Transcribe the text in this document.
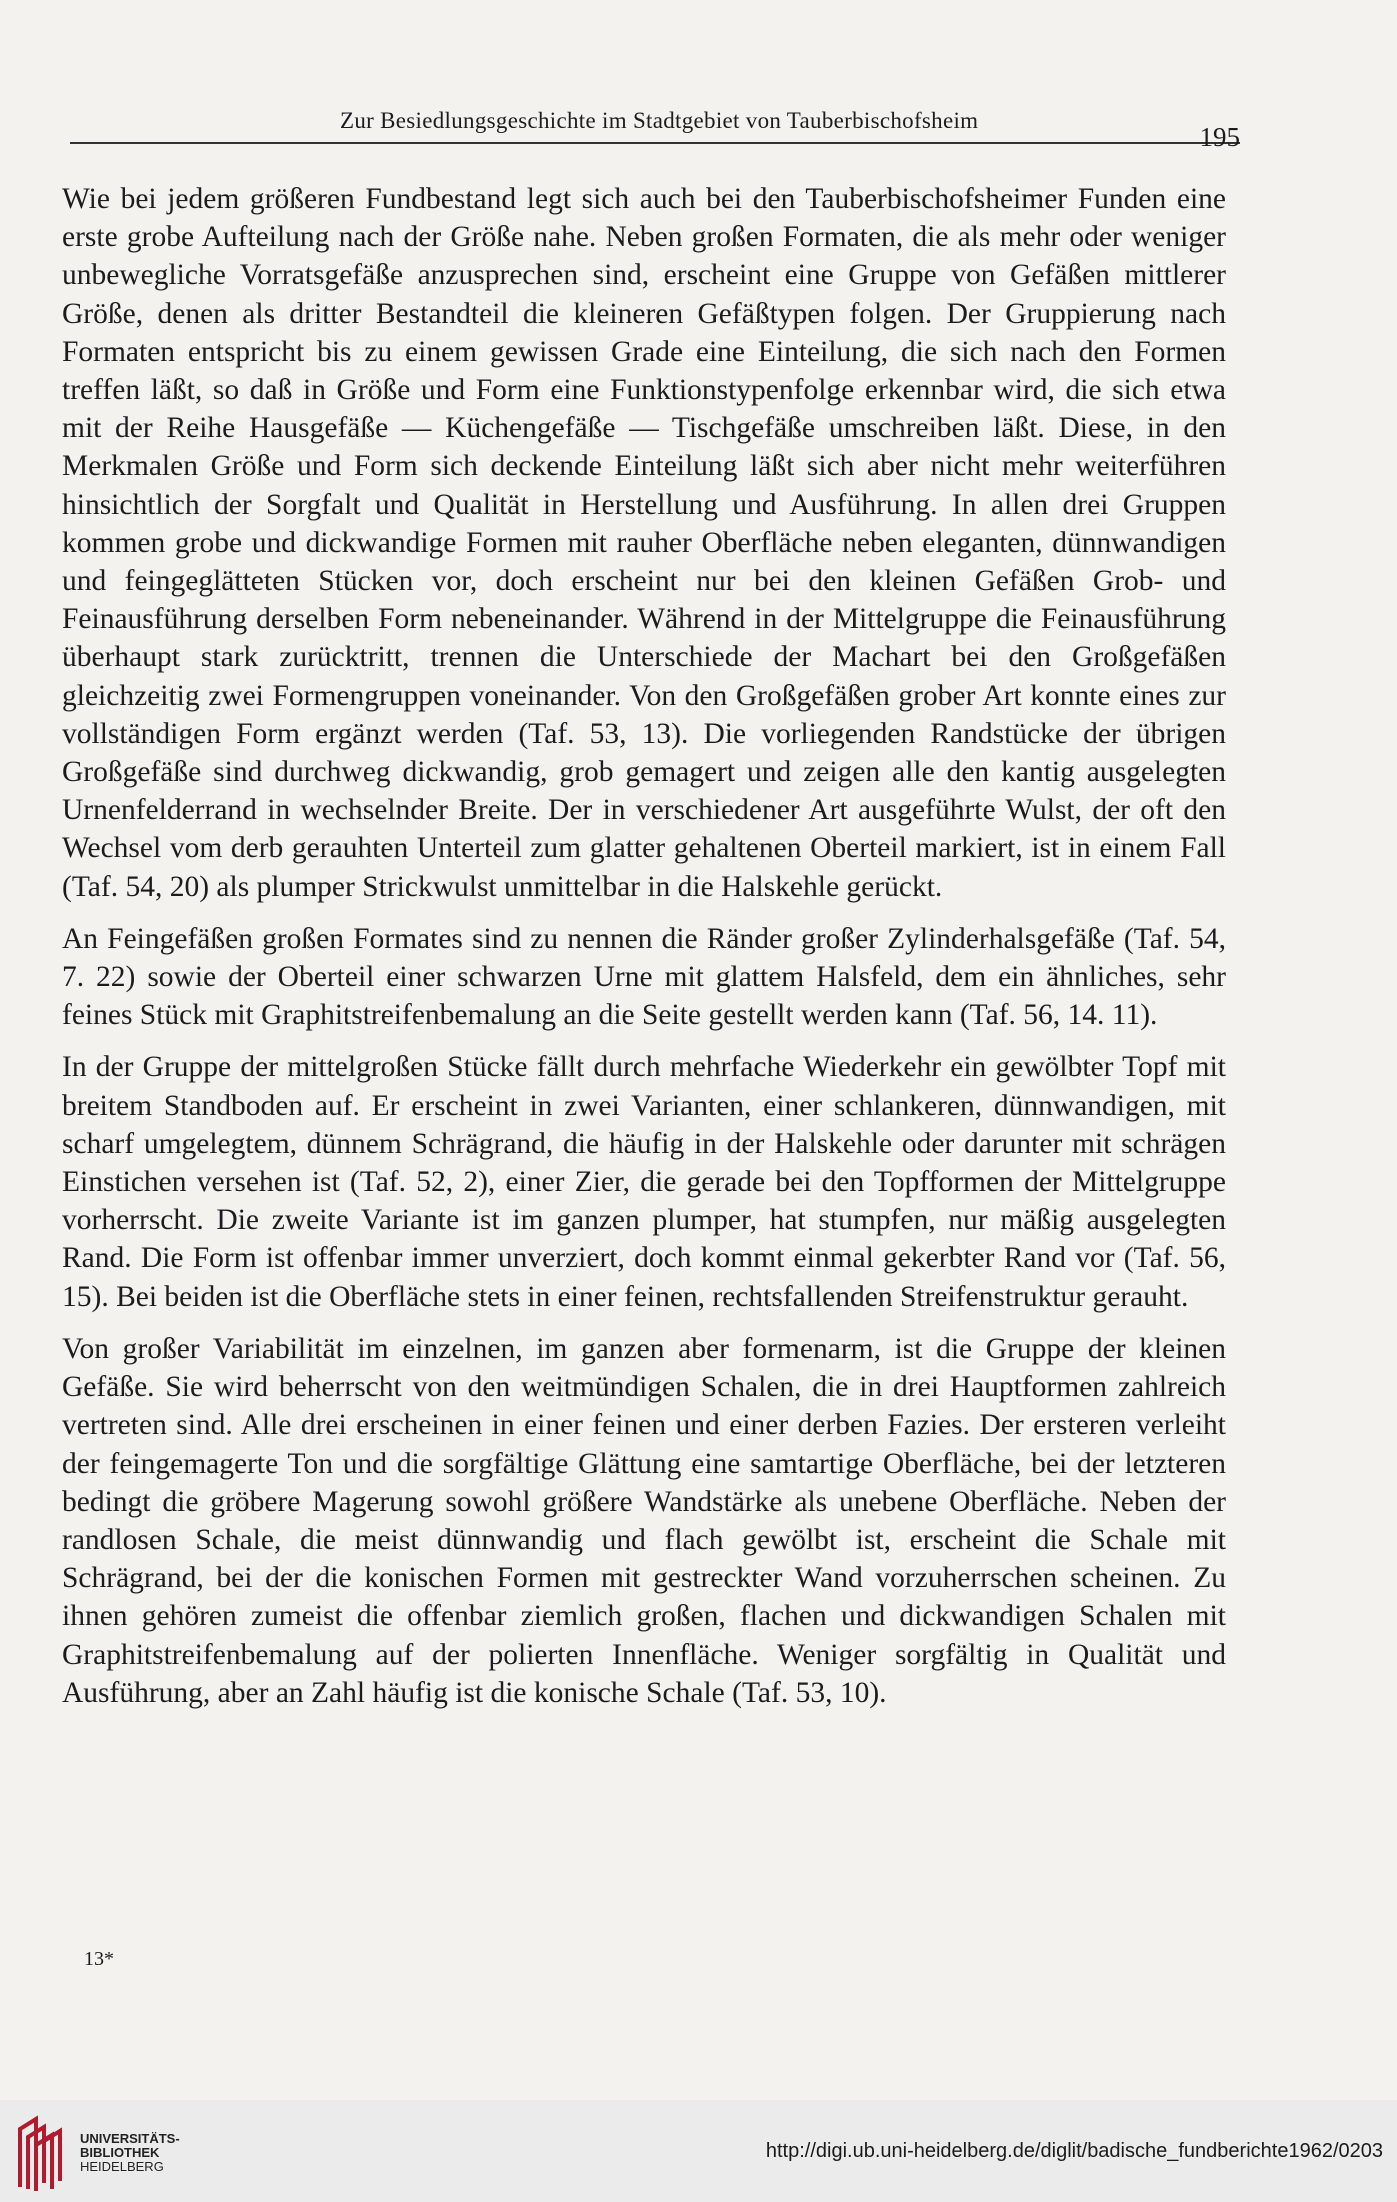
Zur Besiedlungsgeschichte im Stadtgebiet von Tauberbischofsheim
195

Wie bei jedem größeren Fundbestand legt sich auch bei den Tauberbischofsheimer Funden eine erste grobe Aufteilung nach der Größe nahe. Neben großen Formaten, die als mehr oder weniger unbewegliche Vorratsgefäße anzusprechen sind, erscheint eine Gruppe von Gefäßen mittlerer Größe, denen als dritter Bestandteil die kleineren Gefäßtypen folgen. Der Gruppierung nach Formaten entspricht bis zu einem gewissen Grade eine Einteilung, die sich nach den Formen treffen läßt, so daß in Größe und Form eine Funktionstypenfolge erkennbar wird, die sich etwa mit der Reihe Hausgefäße — Küchengefäße — Tischgefäße umschreiben läßt. Diese, in den Merkmalen Größe und Form sich deckende Einteilung läßt sich aber nicht mehr weiterführen hinsichtlich der Sorgfalt und Qualität in Herstellung und Ausführung. In allen drei Gruppen kommen grobe und dickwandige Formen mit rauher Oberfläche neben eleganten, dünnwandigen und feingeglätteten Stücken vor, doch erscheint nur bei den kleinen Gefäßen Grob- und Feinausführung derselben Form nebeneinander. Während in der Mittelgruppe die Feinausführung überhaupt stark zurücktritt, trennen die Unterschiede der Machart bei den Großgefäßen gleichzeitig zwei Formengruppen voneinander. Von den Großgefäßen grober Art konnte eines zur vollständigen Form ergänzt werden (Taf. 53, 13). Die vorliegenden Randstücke der übrigen Großgefäße sind durchweg dickwandig, grob gemagert und zeigen alle den kantig ausgelegten Urnenfelderrand in wechselnder Breite. Der in verschiedener Art ausgeführte Wulst, der oft den Wechsel vom derb gerauhten Unterteil zum glatter gehaltenen Oberteil markiert, ist in einem Fall (Taf. 54, 20) als plumper Strickwulst unmittelbar in die Halskehle gerückt.

An Feingefäßen großen Formates sind zu nennen die Ränder großer Zylinderhalsgefäße (Taf. 54, 7. 22) sowie der Oberteil einer schwarzen Urne mit glattem Halsfeld, dem ein ähnliches, sehr feines Stück mit Graphitstreifenbemalung an die Seite gestellt werden kann (Taf. 56, 14. 11).

In der Gruppe der mittelgroßen Stücke fällt durch mehrfache Wiederkehr ein gewölbter Topf mit breitem Standboden auf. Er erscheint in zwei Varianten, einer schlankeren, dünnwandigen, mit scharf umgelegtem, dünnem Schrägrand, die häufig in der Halskehle oder darunter mit schrägen Einstichen versehen ist (Taf. 52, 2), einer Zier, die gerade bei den Topfformen der Mittelgruppe vorherrscht. Die zweite Variante ist im ganzen plumper, hat stumpfen, nur mäßig ausgelegten Rand. Die Form ist offenbar immer unverziert, doch kommt einmal gekerbter Rand vor (Taf. 56, 15). Bei beiden ist die Oberfläche stets in einer feinen, rechtsfallenden Streifenstruktur gerauht.

Von großer Variabilität im einzelnen, im ganzen aber formenarm, ist die Gruppe der kleinen Gefäße. Sie wird beherrscht von den weitmündigen Schalen, die in drei Hauptformen zahlreich vertreten sind. Alle drei erscheinen in einer feinen und einer derben Fazies. Der ersteren verleiht der feingemagerte Ton und die sorgfältige Glättung eine samtartige Oberfläche, bei der letzteren bedingt die gröbere Magerung sowohl größere Wandstärke als unebene Oberfläche. Neben der randlosen Schale, die meist dünnwandig und flach gewölbt ist, erscheint die Schale mit Schrägrand, bei der die konischen Formen mit gestreckter Wand vorzuherrschen scheinen. Zu ihnen gehören zumeist die offenbar ziemlich großen, flachen und dickwandigen Schalen mit Graphitstreifenbemalung auf der polierten Innenfläche. Weniger sorgfältig in Qualität und Ausführung, aber an Zahl häufig ist die konische Schale (Taf. 53, 10).

13*
UNIVERSITÄTS-
BIBLIOTHEK
HEIDELBERG
http://digi.ub.uni-heidelberg.de/diglit/badische_fundberichte1962/0203
